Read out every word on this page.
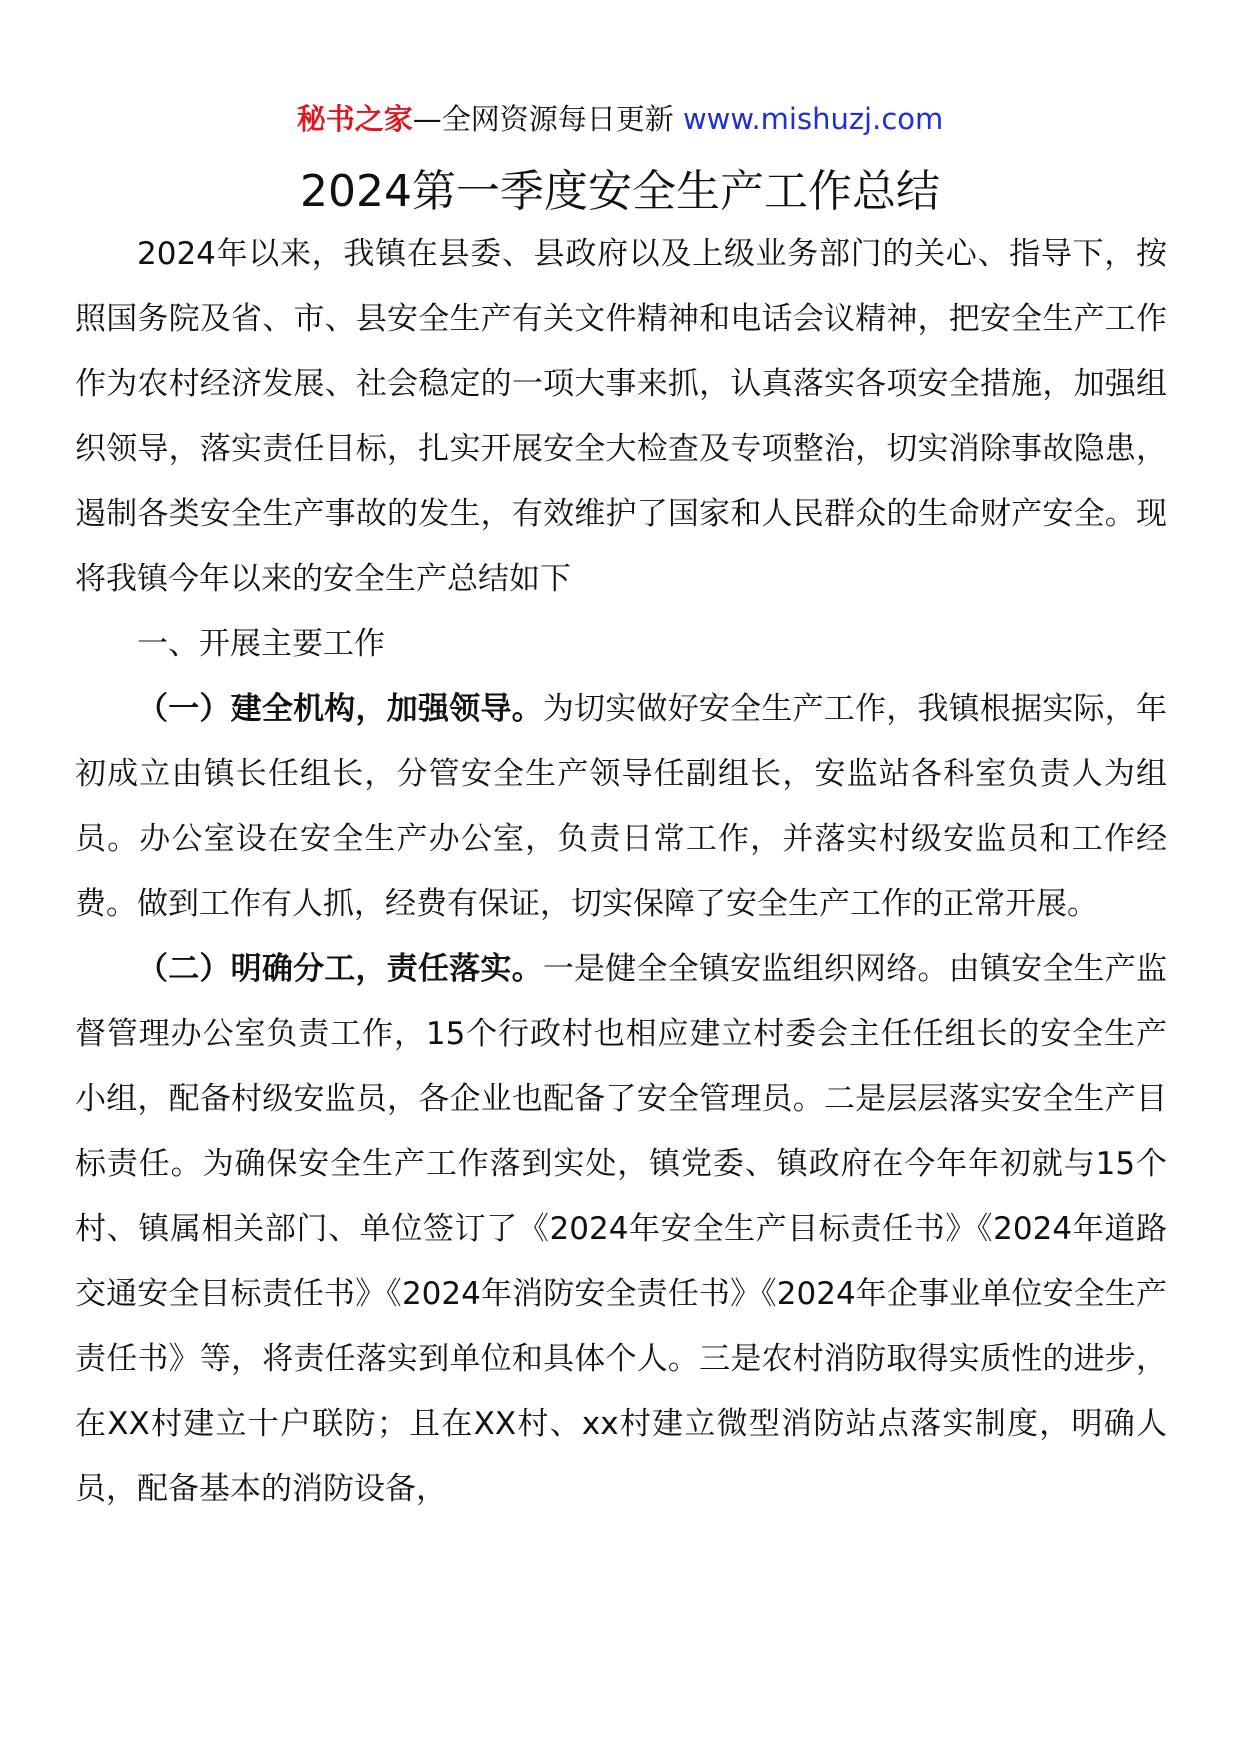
秘书之家—全网资源每日更新 www.mishuzj.com
2024第一季度安全生产工作总结

2024年以来，我镇在县委、县政府以及上级业务部门的关心、指导下，按照国务院及省、市、县安全生产有关文件精神和电话会议精神，把安全生产工作作为农村经济发展、社会稳定的一项大事来抓，认真落实各项安全措施，加强组织领导，落实责任目标，扎实开展安全大检查及专项整治，切实消除事故隐患，遏制各类安全生产事故的发生，有效维护了国家和人民群众的生命财产安全。现将我镇今年以来的安全生产总结如下

一、开展主要工作

（一）建全机构，加强领导。为切实做好安全生产工作，我镇根据实际，年初成立由镇长任组长，分管安全生产领导任副组长，安监站各科室负责人为组员。办公室设在安全生产办公室，负责日常工作，并落实村级安监员和工作经费。做到工作有人抓，经费有保证，切实保障了安全生产工作的正常开展。

（二）明确分工，责任落实。一是健全全镇安监组织网络。由镇安全生产监督管理办公室负责工作，15个行政村也相应建立村委会主任任组长的安全生产小组，配备村级安监员，各企业也配备了安全管理员。二是层层落实安全生产目标责任。为确保安全生产工作落到实处，镇党委、镇政府在今年年初就与15个村、镇属相关部门、单位签订了《2024年安全生产目标责任书》《2024年道路交通安全目标责任书》《2024年消防安全责任书》《2024年企事业单位安全生产责任书》等，将责任落实到单位和具体个人。三是农村消防取得实质性的进步，在XX村建立十户联防；且在XX村、xx村建立微型消防站点落实制度，明确人员，配备基本的消防设备，
